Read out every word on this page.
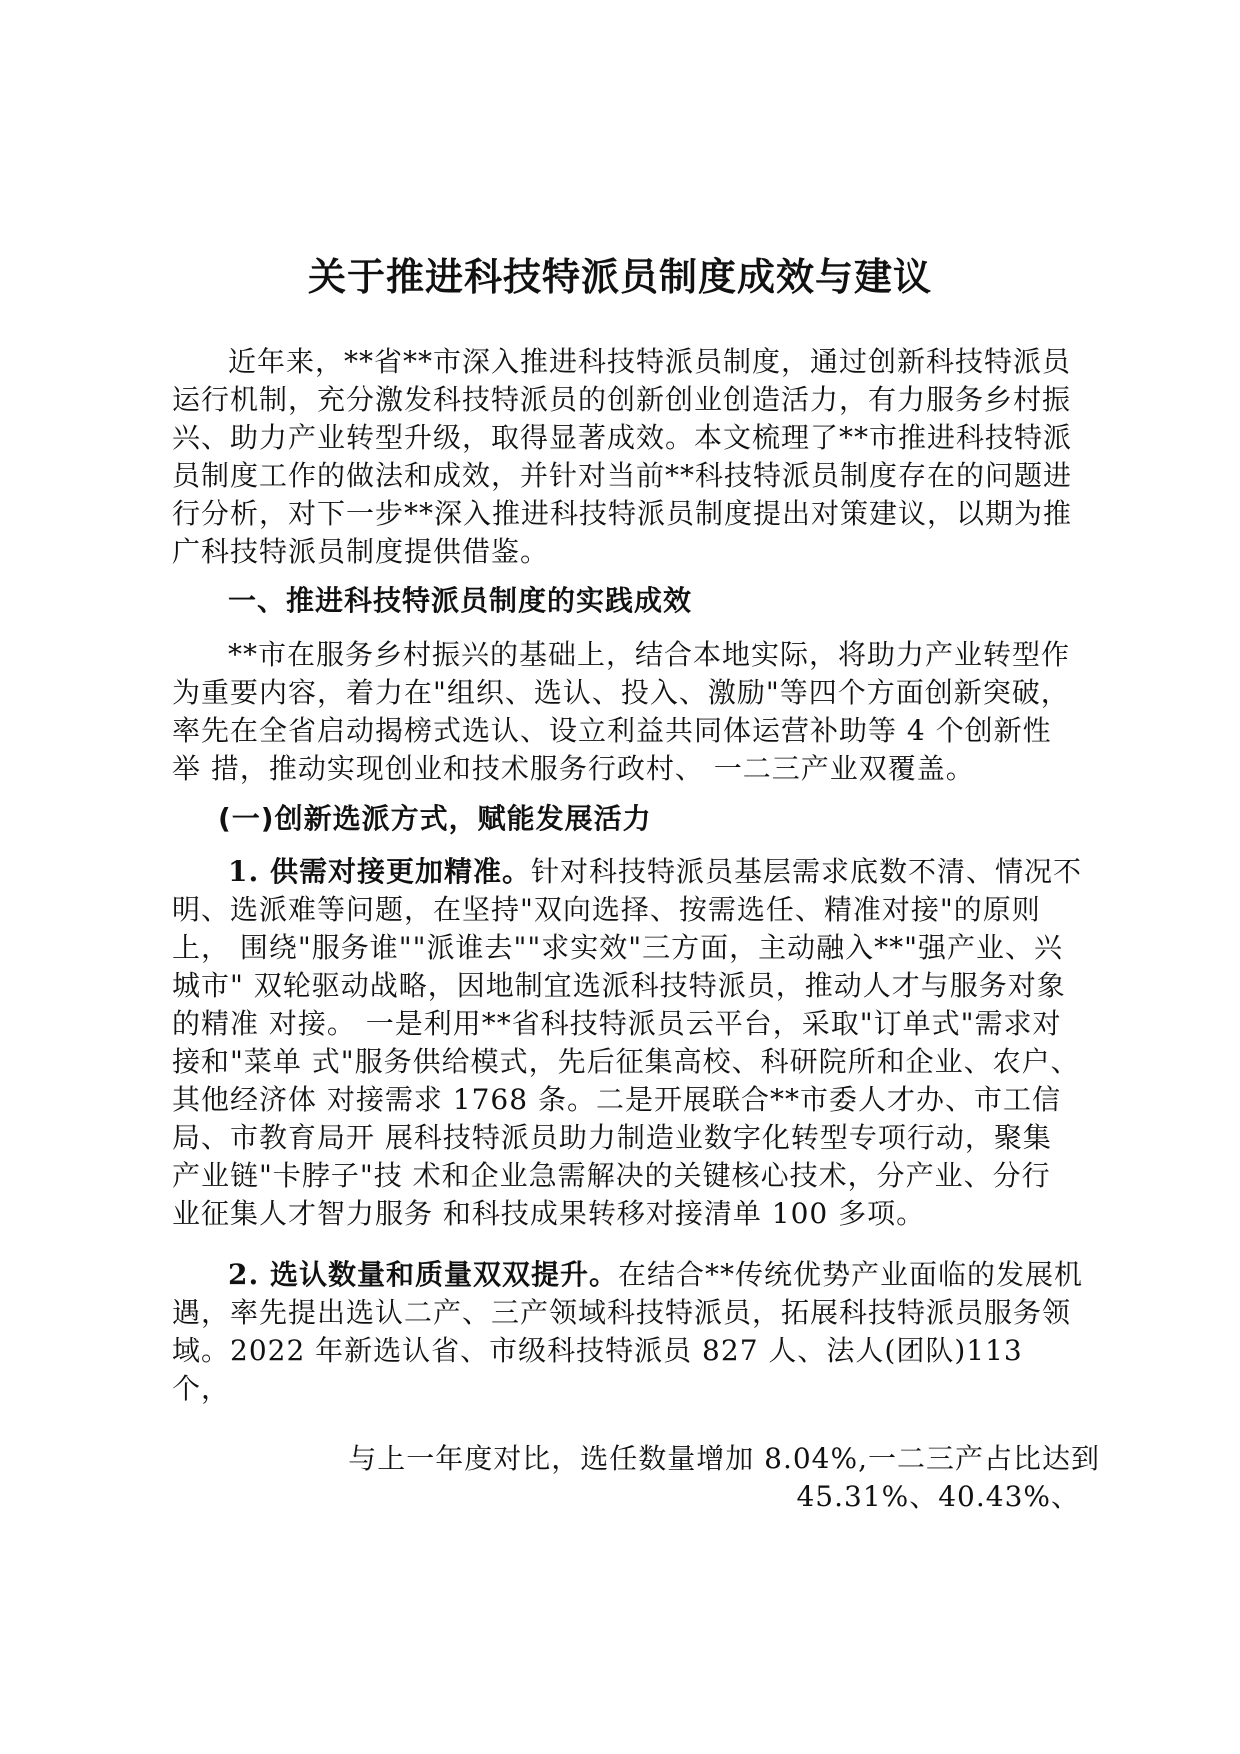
关于推进科技特派员制度成效与建议
近年来，**省**市深入推进科技特派员制度，通过创新科技特派员
运行机制，充分激发科技特派员的创新创业创造活力，有力服务乡村振
兴、助力产业转型升级，取得显著成效。本文梳理了**市推进科技特派
员制度工作的做法和成效，并针对当前**科技特派员制度存在的问题进
行分析，对下一步**深入推进科技特派员制度提出对策建议，以期为推
广科技特派员制度提供借鉴。
一、推进科技特派员制度的实践成效
**市在服务乡村振兴的基础上，结合本地实际，将助力产业转型作
为重要内容，着力在"组织、选认、投入、激励"等四个方面创新突破，
率先在全省启动揭榜式选认、设立利益共同体运营补助等 4 个创新性
举 措，推动实现创业和技术服务行政村、 一二三产业双覆盖。
(一)创新选派方式，赋能发展活力
1. 供需对接更加精准。针对科技特派员基层需求底数不清、情况不
明、选派难等问题，在坚持"双向选择、按需选任、精准对接"的原则
上， 围绕"服务谁""派谁去""求实效"三方面，主动融入**"强产业、兴
城市" 双轮驱动战略，因地制宜选派科技特派员，推动人才与服务对象
的精准 对接。 一是利用**省科技特派员云平台，采取"订单式"需求对
接和"菜单 式"服务供给模式，先后征集高校、科研院所和企业、农户、
其他经济体 对接需求 1768 条。二是开展联合**市委人才办、市工信
局、市教育局开 展科技特派员助力制造业数字化转型专项行动，聚集
产业链"卡脖子"技 术和企业急需解决的关键核心技术，分产业、分行
业征集人才智力服务 和科技成果转移对接清单 100 多项。
2. 选认数量和质量双双提升。在结合**传统优势产业面临的发展机
遇，率先提出选认二产、三产领域科技特派员，拓展科技特派员服务领
域。2022 年新选认省、市级科技特派员 827 人、法人(团队)113
个，
与上一年度对比，选任数量增加 8.04%,一二三产占比达到
45.31%、40.43%、
